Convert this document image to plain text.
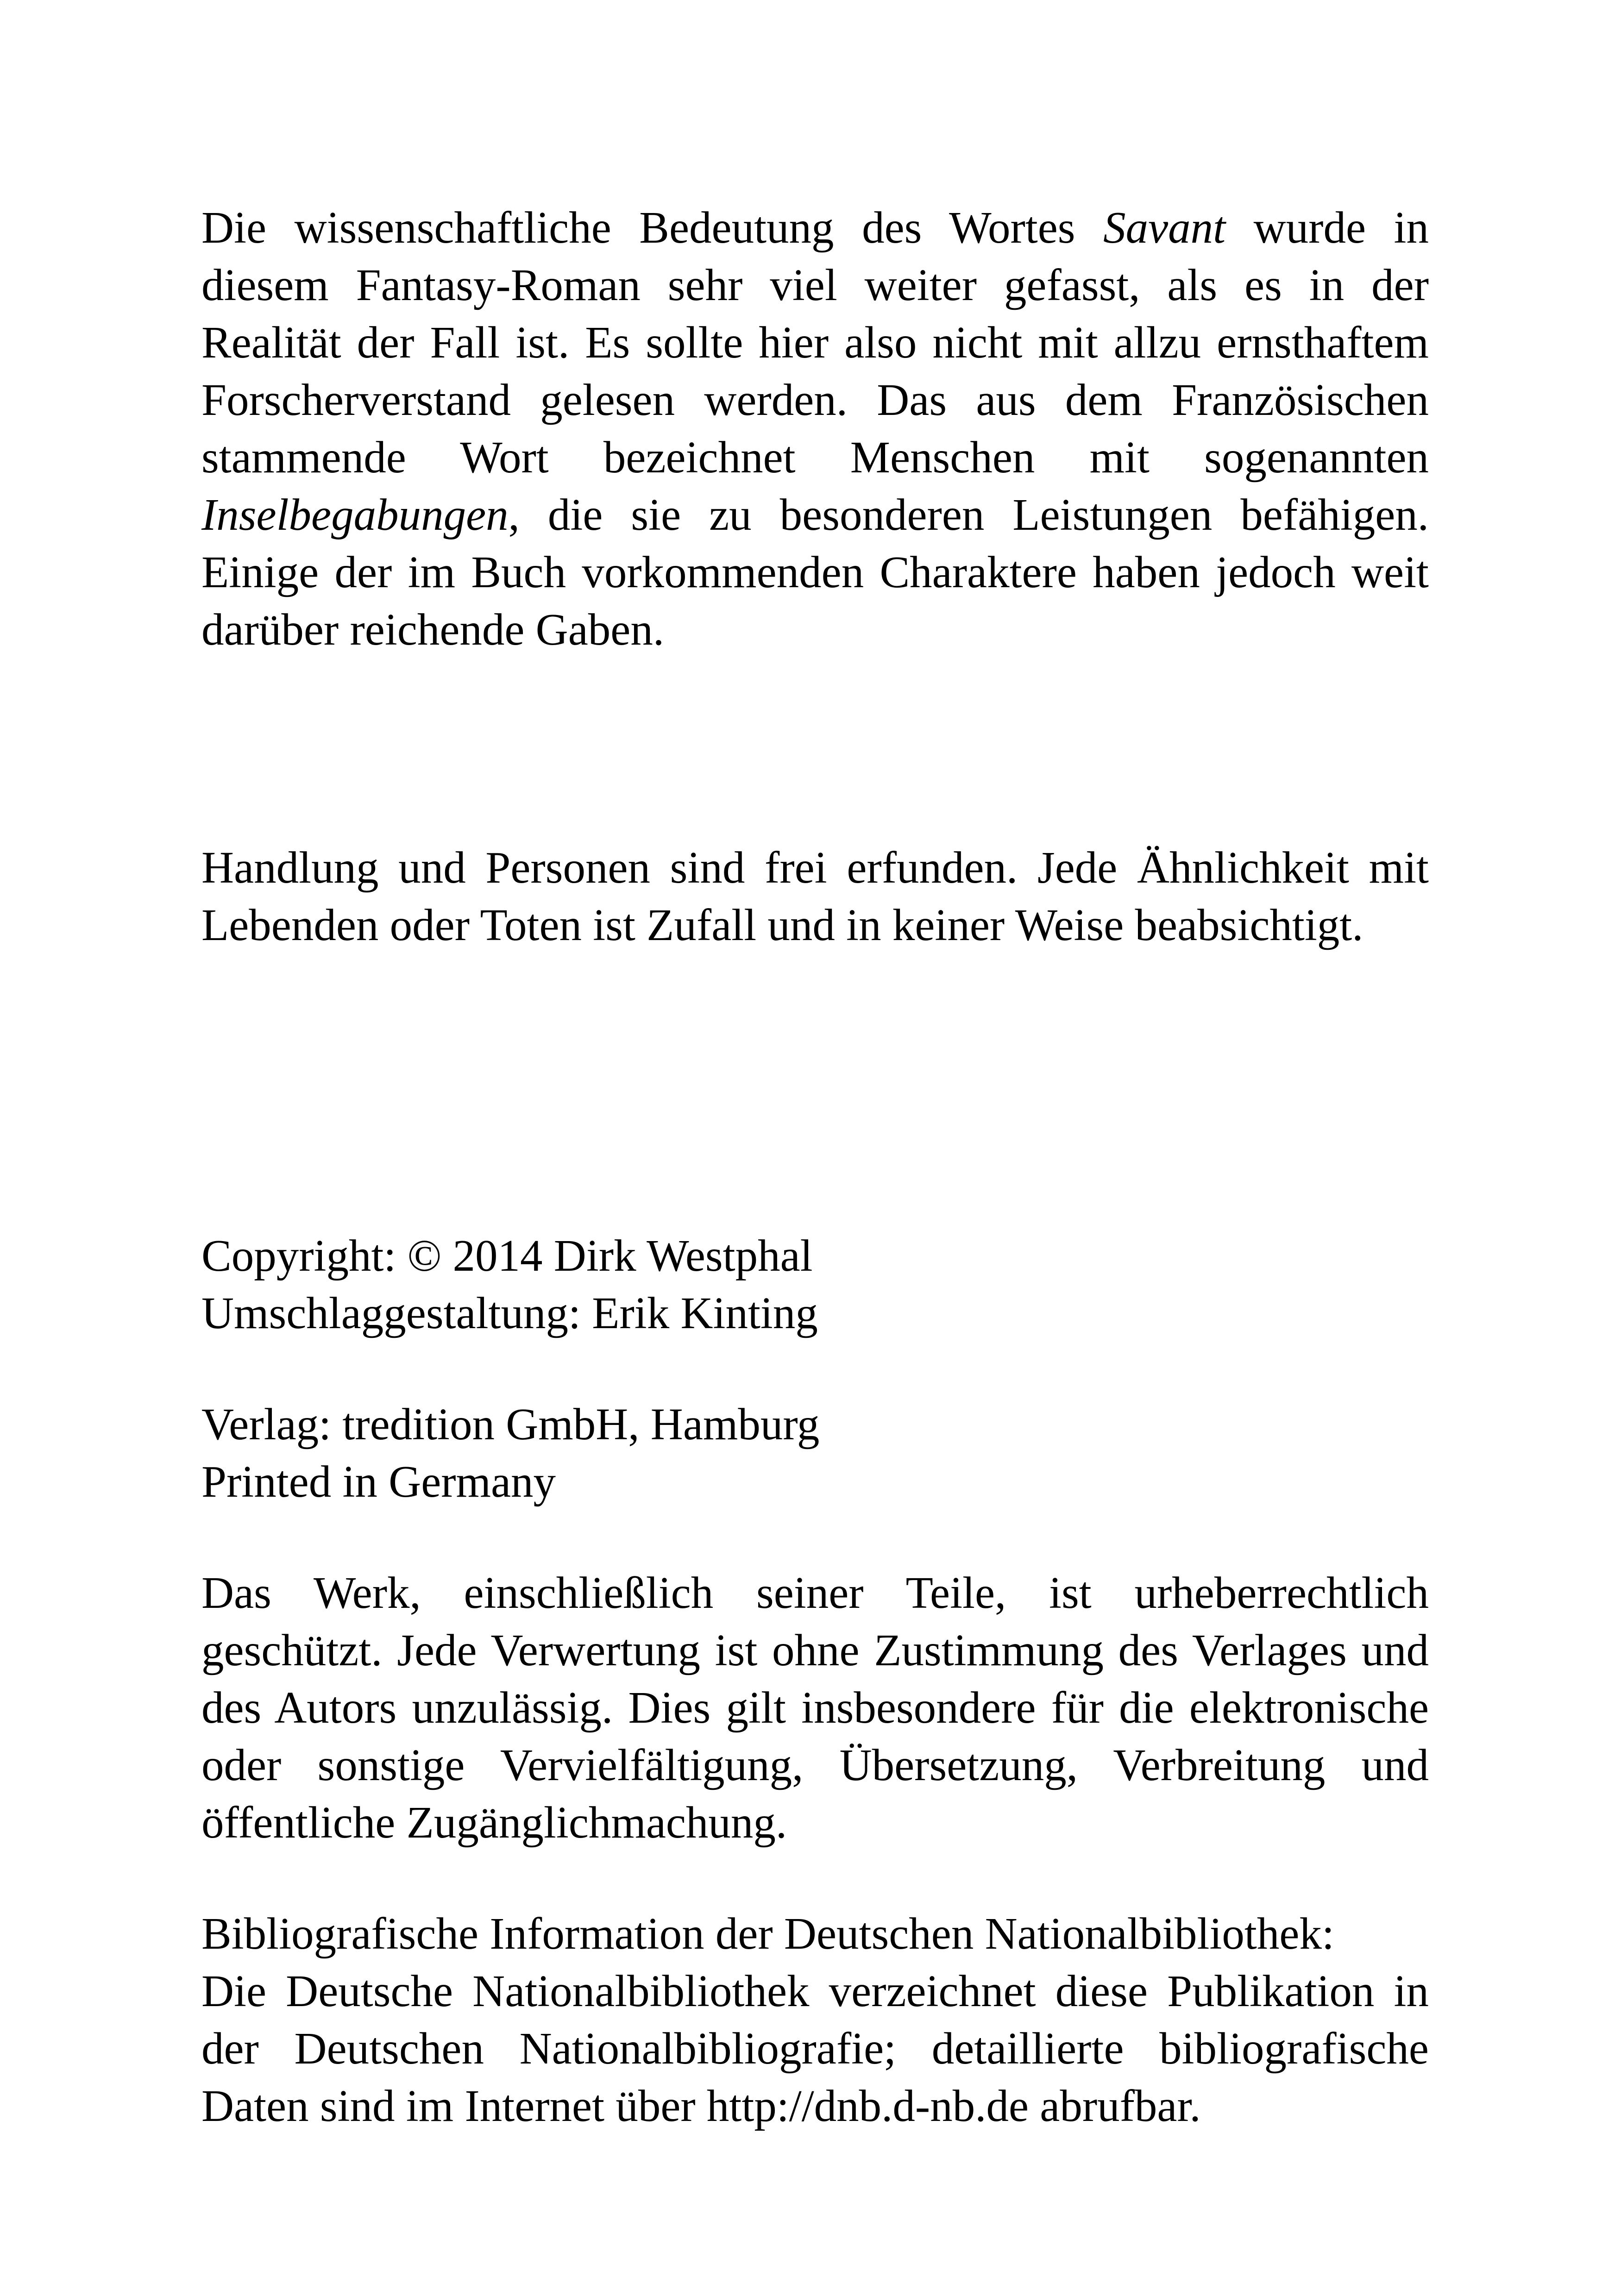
Die wissenschaftliche Bedeutung des Wortes Savant wurde in diesem Fantasy-Roman sehr viel weiter gefasst, als es in der Realität der Fall ist. Es sollte hier also nicht mit allzu ernsthaftem Forscherverstand gelesen werden. Das aus dem Französischen stammende Wort bezeichnet Menschen mit sogenannten Inselbegabungen, die sie zu besonderen Leistungen befähigen. Einige der im Buch vorkommenden Charaktere haben jedoch weit darüber reichende Gaben.

Handlung und Personen sind frei erfunden. Jede Ähnlichkeit mit Lebenden oder Toten ist Zufall und in keiner Weise beabsichtigt.

Copyright: © 2014 Dirk Westphal

Umschlaggestaltung: Erik Kinting

Verlag: tredition GmbH, Hamburg

Printed in Germany

Das Werk, einschließlich seiner Teile, ist urheberrechtlich geschützt. Jede Verwertung ist ohne Zustimmung des Verlages und des Autors unzulässig. Dies gilt insbesondere für die elektronische oder sonstige Vervielfältigung, Übersetzung, Verbreitung und öffentliche Zugänglichmachung.

Bibliografische Information der Deutschen Nationalbibliothek:

Die Deutsche Nationalbibliothek verzeichnet diese Publikation in der Deutschen Nationalbibliografie; detaillierte bibliografische Daten sind im Internet über http://dnb.d-nb.de abrufbar.
